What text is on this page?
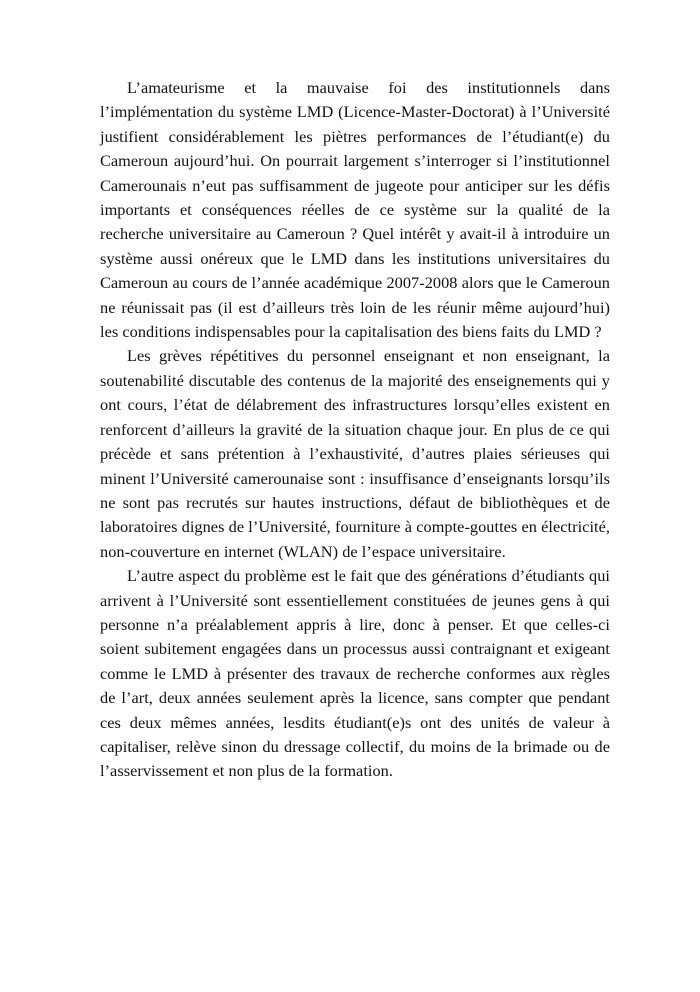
L’amateurisme et la mauvaise foi des institutionnels dans l’implémentation du système LMD (Licence-Master-Doctorat) à l’Université justifient considérablement les piètres performances de l’étudiant(e) du Cameroun aujourd’hui. On pourrait largement s’interroger si l’institutionnel Camerounais n’eut pas suffisamment de jugeote pour anticiper sur les défis importants et conséquences réelles de ce système sur la qualité de la recherche universitaire au Cameroun ? Quel intérêt y avait-il à introduire un système aussi onéreux que le LMD dans les institutions universitaires du Cameroun au cours de l’année académique 2007-2008 alors que le Cameroun ne réunissait pas (il est d’ailleurs très loin de les réunir même aujourd’hui) les conditions indispensables pour la capitalisation des biens faits du LMD ?

Les grèves répétitives du personnel enseignant et non enseignant, la soutenabilité discutable des contenus de la majorité des enseignements qui y ont cours, l’état de délabrement des infrastructures lorsqu’elles existent en renforcent d’ailleurs la gravité de la situation chaque jour. En plus de ce qui précède et sans prétention à l’exhaustivité, d’autres plaies sérieuses qui minent l’Université camerounaise sont : insuffisance d’enseignants lorsqu’ils ne sont pas recrutés sur hautes instructions, défaut de bibliothèques et de laboratoires dignes de l’Université, fourniture à compte-gouttes en électricité, non-couverture en internet (WLAN) de l’espace universitaire.

L’autre aspect du problème est le fait que des générations d’étudiants qui arrivent à l’Université sont essentiellement constituées de jeunes gens à qui personne n’a préalablement appris à lire, donc à penser. Et que celles-ci soient subitement engagées dans un processus aussi contraignant et exigeant comme le LMD à présenter des travaux de recherche conformes aux règles de l’art, deux années seulement après la licence, sans compter que pendant ces deux mêmes années, lesdits étudiant(e)s ont des unités de valeur à capitaliser, relève sinon du dressage collectif, du moins de la brimade ou de l’asservissement et non plus de la formation.
